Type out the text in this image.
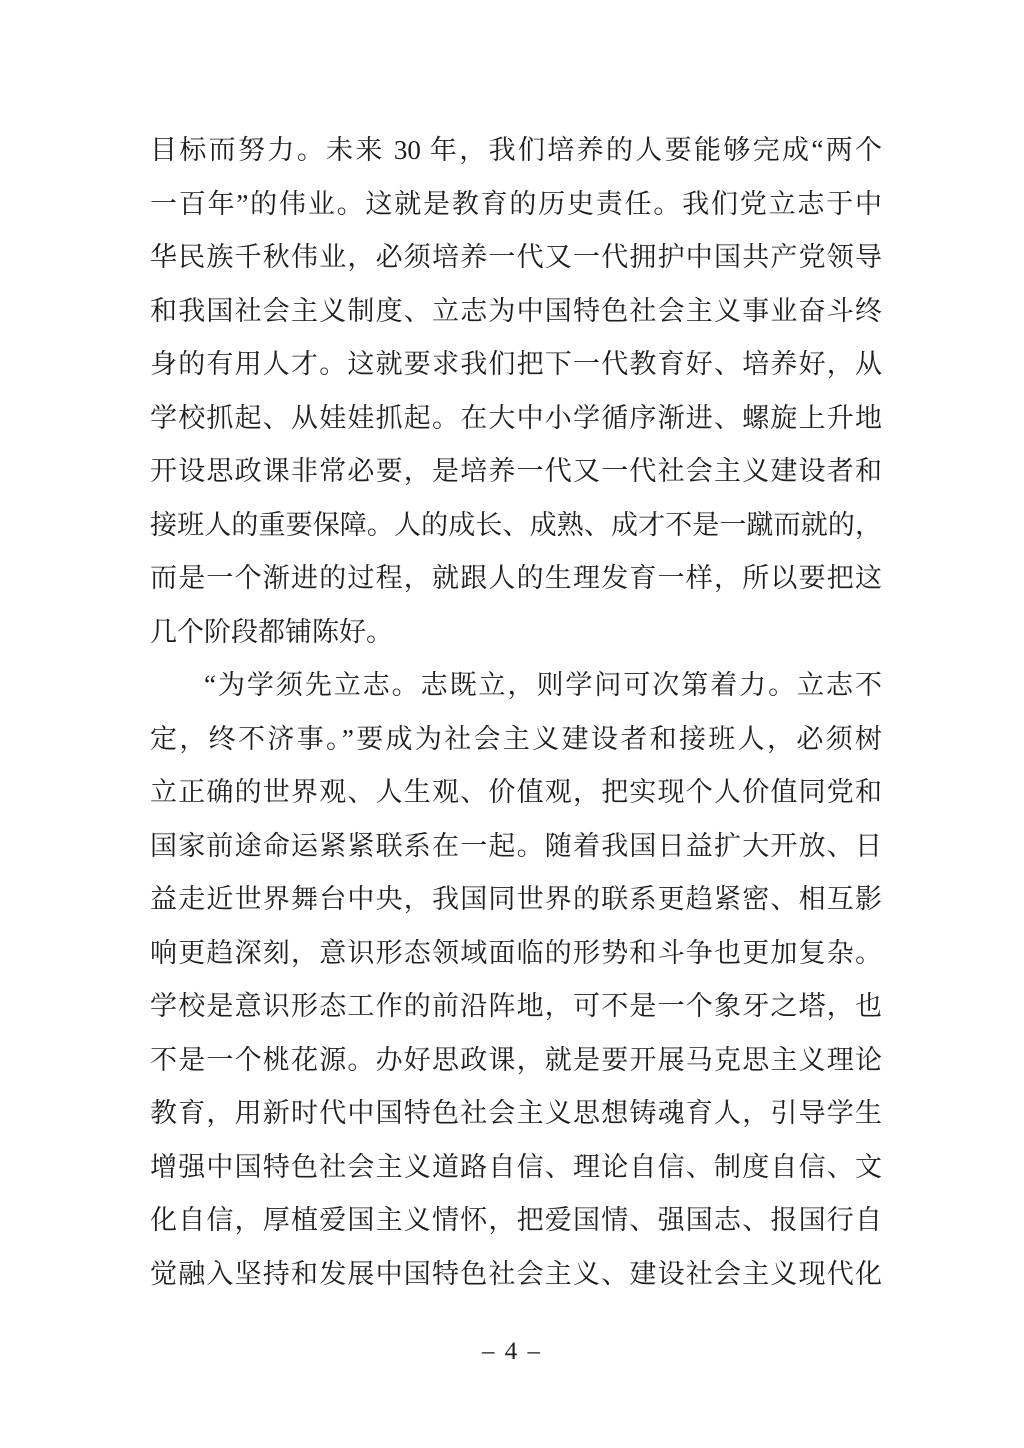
目标而努力。未来 30 年，我们培养的人要能够完成“两个
一百年”的伟业。这就是教育的历史责任。我们党立志于中
华民族千秋伟业，必须培养一代又一代拥护中国共产党领导
和我国社会主义制度、立志为中国特色社会主义事业奋斗终
身的有用人才。这就要求我们把下一代教育好、培养好，从
学校抓起、从娃娃抓起。在大中小学循序渐进、螺旋上升地
开设思政课非常必要，是培养一代又一代社会主义建设者和
接班人的重要保障。人的成长、成熟、成才不是一蹴而就的，
而是一个渐进的过程，就跟人的生理发育一样，所以要把这
几个阶段都铺陈好。
“为学须先立志。志既立，则学问可次第着力。立志不
定，终不济事。”要成为社会主义建设者和接班人，必须树
立正确的世界观、人生观、价值观，把实现个人价值同党和
国家前途命运紧紧联系在一起。随着我国日益扩大开放、日
益走近世界舞台中央，我国同世界的联系更趋紧密、相互影
响更趋深刻，意识形态领域面临的形势和斗争也更加复杂。
学校是意识形态工作的前沿阵地，可不是一个象牙之塔，也
不是一个桃花源。办好思政课，就是要开展马克思主义理论
教育，用新时代中国特色社会主义思想铸魂育人，引导学生
增强中国特色社会主义道路自信、理论自信、制度自信、文
化自信，厚植爱国主义情怀，把爱国情、强国志、报国行自
觉融入坚持和发展中国特色社会主义、建设社会主义现代化
– 4 –
